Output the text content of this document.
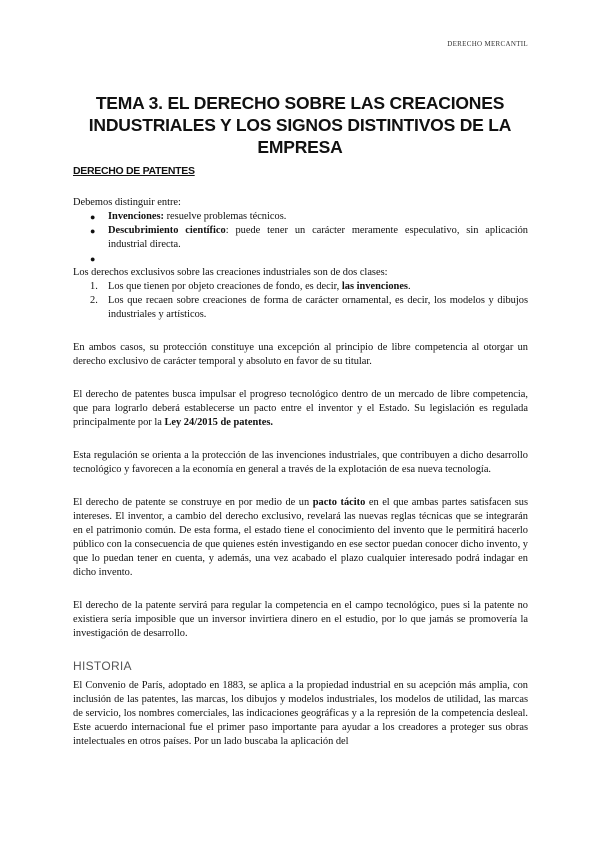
DERECHO MERCANTIL
TEMA 3. EL DERECHO SOBRE LAS CREACIONES
INDUSTRIALES Y LOS SIGNOS DISTINTIVOS DE LA EMPRESA
DERECHO DE PATENTES

Debemos distinguir entre:

● Invenciones: resuelve problemas técnicos.
● Descubrimiento científico: puede tener un carácter meramente especulativo, sin aplicación industrial directa.
●

Los derechos exclusivos sobre las creaciones industriales son de dos clases:

1. Los que tienen por objeto creaciones de fondo, es decir, las invenciones.
2. Los que recaen sobre creaciones de forma de carácter ornamental, es decir, los modelos y dibujos industriales y artísticos.

En ambos casos, su protección constituye una excepción al principio de libre competencia al otorgar un derecho exclusivo de carácter temporal y absoluto en favor de su titular.

El derecho de patentes busca impulsar el progreso tecnológico dentro de un mercado de libre competencia, que para lograrlo deberá establecerse un pacto entre el inventor y el Estado. Su legislación es regulada principalmente por la Ley 24/2015 de patentes.

Esta regulación se orienta a la protección de las invenciones industriales, que contribuyen a dicho desarrollo tecnológico y favorecen a la economía en general a través de la explotación de esa nueva tecnología.

El derecho de patente se construye en por medio de un pacto tácito en el que ambas partes satisfacen sus intereses. El inventor, a cambio del derecho exclusivo, revelará las nuevas reglas técnicas que se integrarán en el patrimonio común. De esta forma, el estado tiene el conocimiento del invento que le permitirá hacerlo público con la consecuencia de que quienes estén investigando en ese sector puedan conocer dicho invento, y que lo puedan tener en cuenta, y además, una vez acabado el plazo cualquier interesado podrá indagar en dicho invento.

El derecho de la patente servirá para regular la competencia en el campo tecnológico, pues si la patente no existiera sería imposible que un inversor invirtiera dinero en el estudio, por lo que jamás se promovería la investigación de desarrollo.

HISTORIA

El Convenio de París, adoptado en 1883, se aplica a la propiedad industrial en su acepción más amplia, con inclusión de las patentes, las marcas, los dibujos y modelos industriales, los modelos de utilidad, las marcas de servicio, los nombres comerciales, las indicaciones geográficas y a la represión de la competencia desleal. Este acuerdo internacional fue el primer paso importante para ayudar a los creadores a proteger sus obras intelectuales en otros países. Por un lado buscaba la aplicación del
